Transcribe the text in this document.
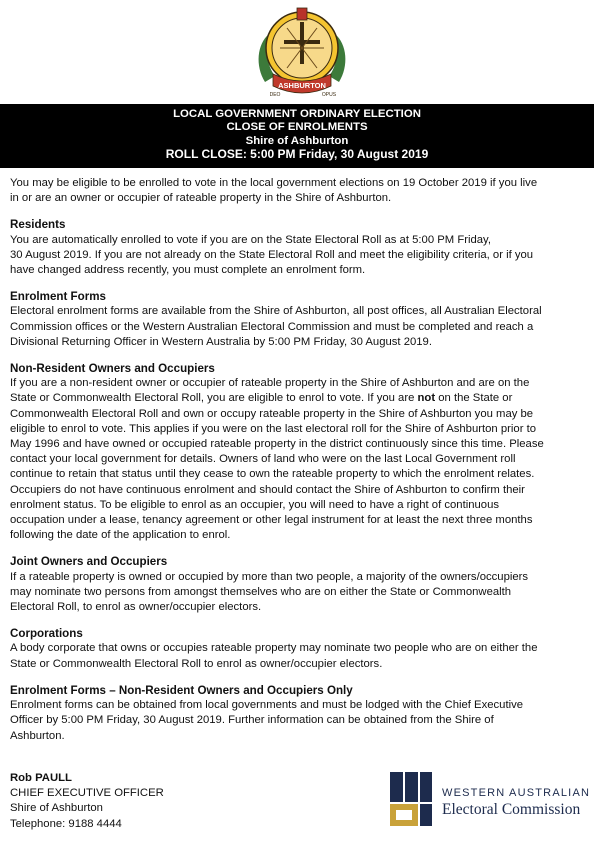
ASHBURTON
DEO	OPUS
LOCAL GOVERNMENT ORDINARY ELECTION
CLOSE OF ENROLMENTS
Shire of Ashburton
ROLL CLOSE: 5:00 PM Friday, 30 August 2019

You may be eligible to be enrolled to vote in the local government elections on 19 October 2019 if you live

in or are an owner or occupier of rateable property in the Shire of Ashburton.

Residents

You are automatically enrolled to vote if you are on the State Electoral Roll as at 5:00 PM Friday,

30 August 2019. If you are not already on the State Electoral Roll and meet the eligibility criteria, or if you

have changed address recently, you must complete an enrolment form.

Enrolment Forms

Electoral enrolment forms are available from the Shire of Ashburton, all post offices, all Australian Electoral

Commission offices or the Western Australian Electoral Commission and must be completed and reach a

Divisional Returning Officer in Western Australia by 5:00 PM Friday, 30 August 2019.

Non-Resident Owners and Occupiers

If you are a non-resident owner or occupier of rateable property in the Shire of Ashburton and are on the

State or Commonwealth Electoral Roll, you are eligible to enrol to vote. If you are not on the State or

Commonwealth Electoral Roll and own or occupy rateable property in the Shire of Ashburton you may be

eligible to enrol to vote. This applies if you were on the last electoral roll for the Shire of Ashburton prior to

May 1996 and have owned or occupied rateable property in the district continuously since this time. Please

contact your local government for details. Owners of land who were on the last Local Government roll

continue to retain that status until they cease to own the rateable property to which the enrolment relates.

Occupiers do not have continuous enrolment and should contact the Shire of Ashburton to confirm their

enrolment status. To be eligible to enrol as an occupier, you will need to have a right of continuous

occupation under a lease, tenancy agreement or other legal instrument for at least the next three months

following the date of the application to enrol.

Joint Owners and Occupiers

If a rateable property is owned or occupied by more than two people, a majority of the owners/occupiers

may nominate two persons from amongst themselves who are on either the State or Commonwealth

Electoral Roll, to enrol as owner/occupier electors.

Corporations

A body corporate that owns or occupies rateable property may nominate two people who are on either the

State or Commonwealth Electoral Roll to enrol as owner/occupier electors.

Enrolment Forms – Non-Resident Owners and Occupiers Only

Enrolment forms can be obtained from local governments and must be lodged with the Chief Executive

Officer by 5:00 PM Friday, 30 August 2019. Further information can be obtained from the Shire of

Ashburton.

Rob PAULL
CHIEF EXECUTIVE OFFICER
Shire of Ashburton
Telephone: 9188 4444
WESTERN AUSTRALIAN
Electoral Commission
